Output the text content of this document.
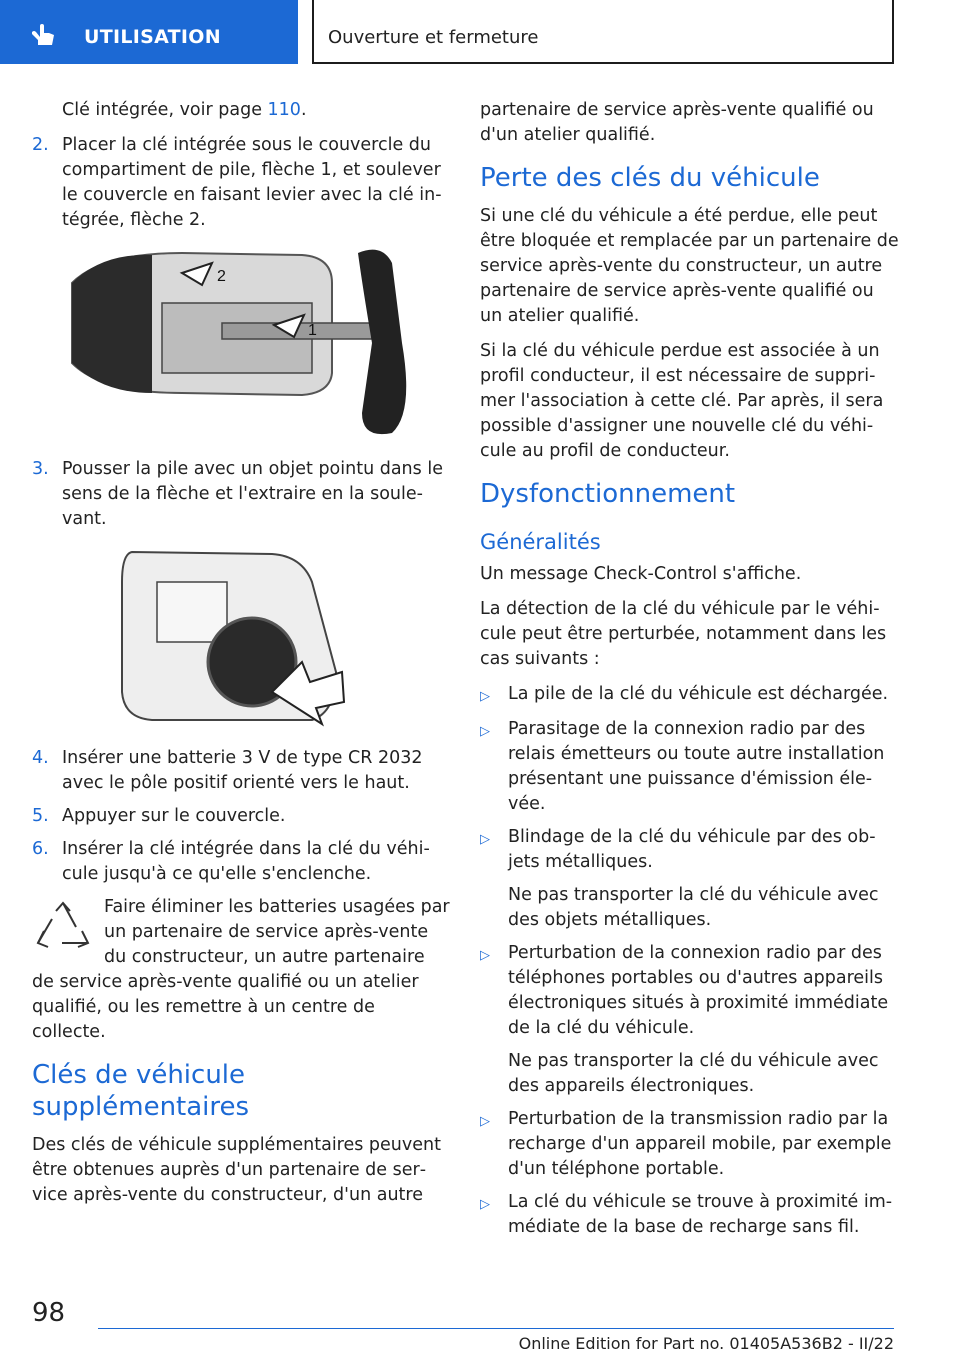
UTILISATION	Ouverture et fermeture

Clé intégrée, voir page 110.

2. Placer la clé intégrée sous le couvercle du compartiment de pile, flèche 1, et soulever le couvercle en faisant levier avec la clé intégrée, flèche 2.
2
1
3. Pousser la pile avec un objet pointu dans le sens de la flèche et l'extraire en la soulevant.
4. Insérer une batterie 3 V de type CR 2032 avec le pôle positif orienté vers le haut.
5. Appuyer sur le couvercle.
6. Insérer la clé intégrée dans la clé du véhicule jusqu'à ce qu'elle s'enclenche.
Faire éliminer les batteries usagées par un partenaire de service après-vente du constructeur, un autre partenaire de service après-vente qualifié ou un atelier qualifié, ou les remettre à un centre de collecte.
Clés de véhicule supplémentaires

Des clés de véhicule supplémentaires peuvent être obtenues auprès d'un partenaire de service après-vente du constructeur, d'un autre

partenaire de service après-vente qualifié ou d'un atelier qualifié.

Perte des clés du véhicule

Si une clé du véhicule a été perdue, elle peut être bloquée et remplacée par un partenaire de service après-vente du constructeur, un autre partenaire de service après-vente qualifié ou un atelier qualifié.

Si la clé du véhicule perdue est associée à un profil conducteur, il est nécessaire de supprimer l'association à cette clé. Par après, il sera possible d'assigner une nouvelle clé du véhicule au profil de conducteur.

Dysfonctionnement
Généralités

Un message Check-Control s'affiche.

La détection de la clé du véhicule par le véhicule peut être perturbée, notamment dans les cas suivants :

▷	La pile de la clé du véhicule est déchargée.
▷	Parasitage de la connexion radio par des relais émetteurs ou toute autre installation présentant une puissance d'émission élevée.
▷	Blindage de la clé du véhicule par des objets métalliques.
Ne pas transporter la clé du véhicule avec des objets métalliques.
▷	Perturbation de la connexion radio par des téléphones portables ou d'autres appareils électroniques situés à proximité immédiate de la clé du véhicule.
Ne pas transporter la clé du véhicule avec des appareils électroniques.
▷	Perturbation de la transmission radio par la recharge d'un appareil mobile, par exemple d'un téléphone portable.
▷	La clé du véhicule se trouve à proximité immédiate de la base de recharge sans fil.
98
Online Edition for Part no. 01405A536B2 - II/22
